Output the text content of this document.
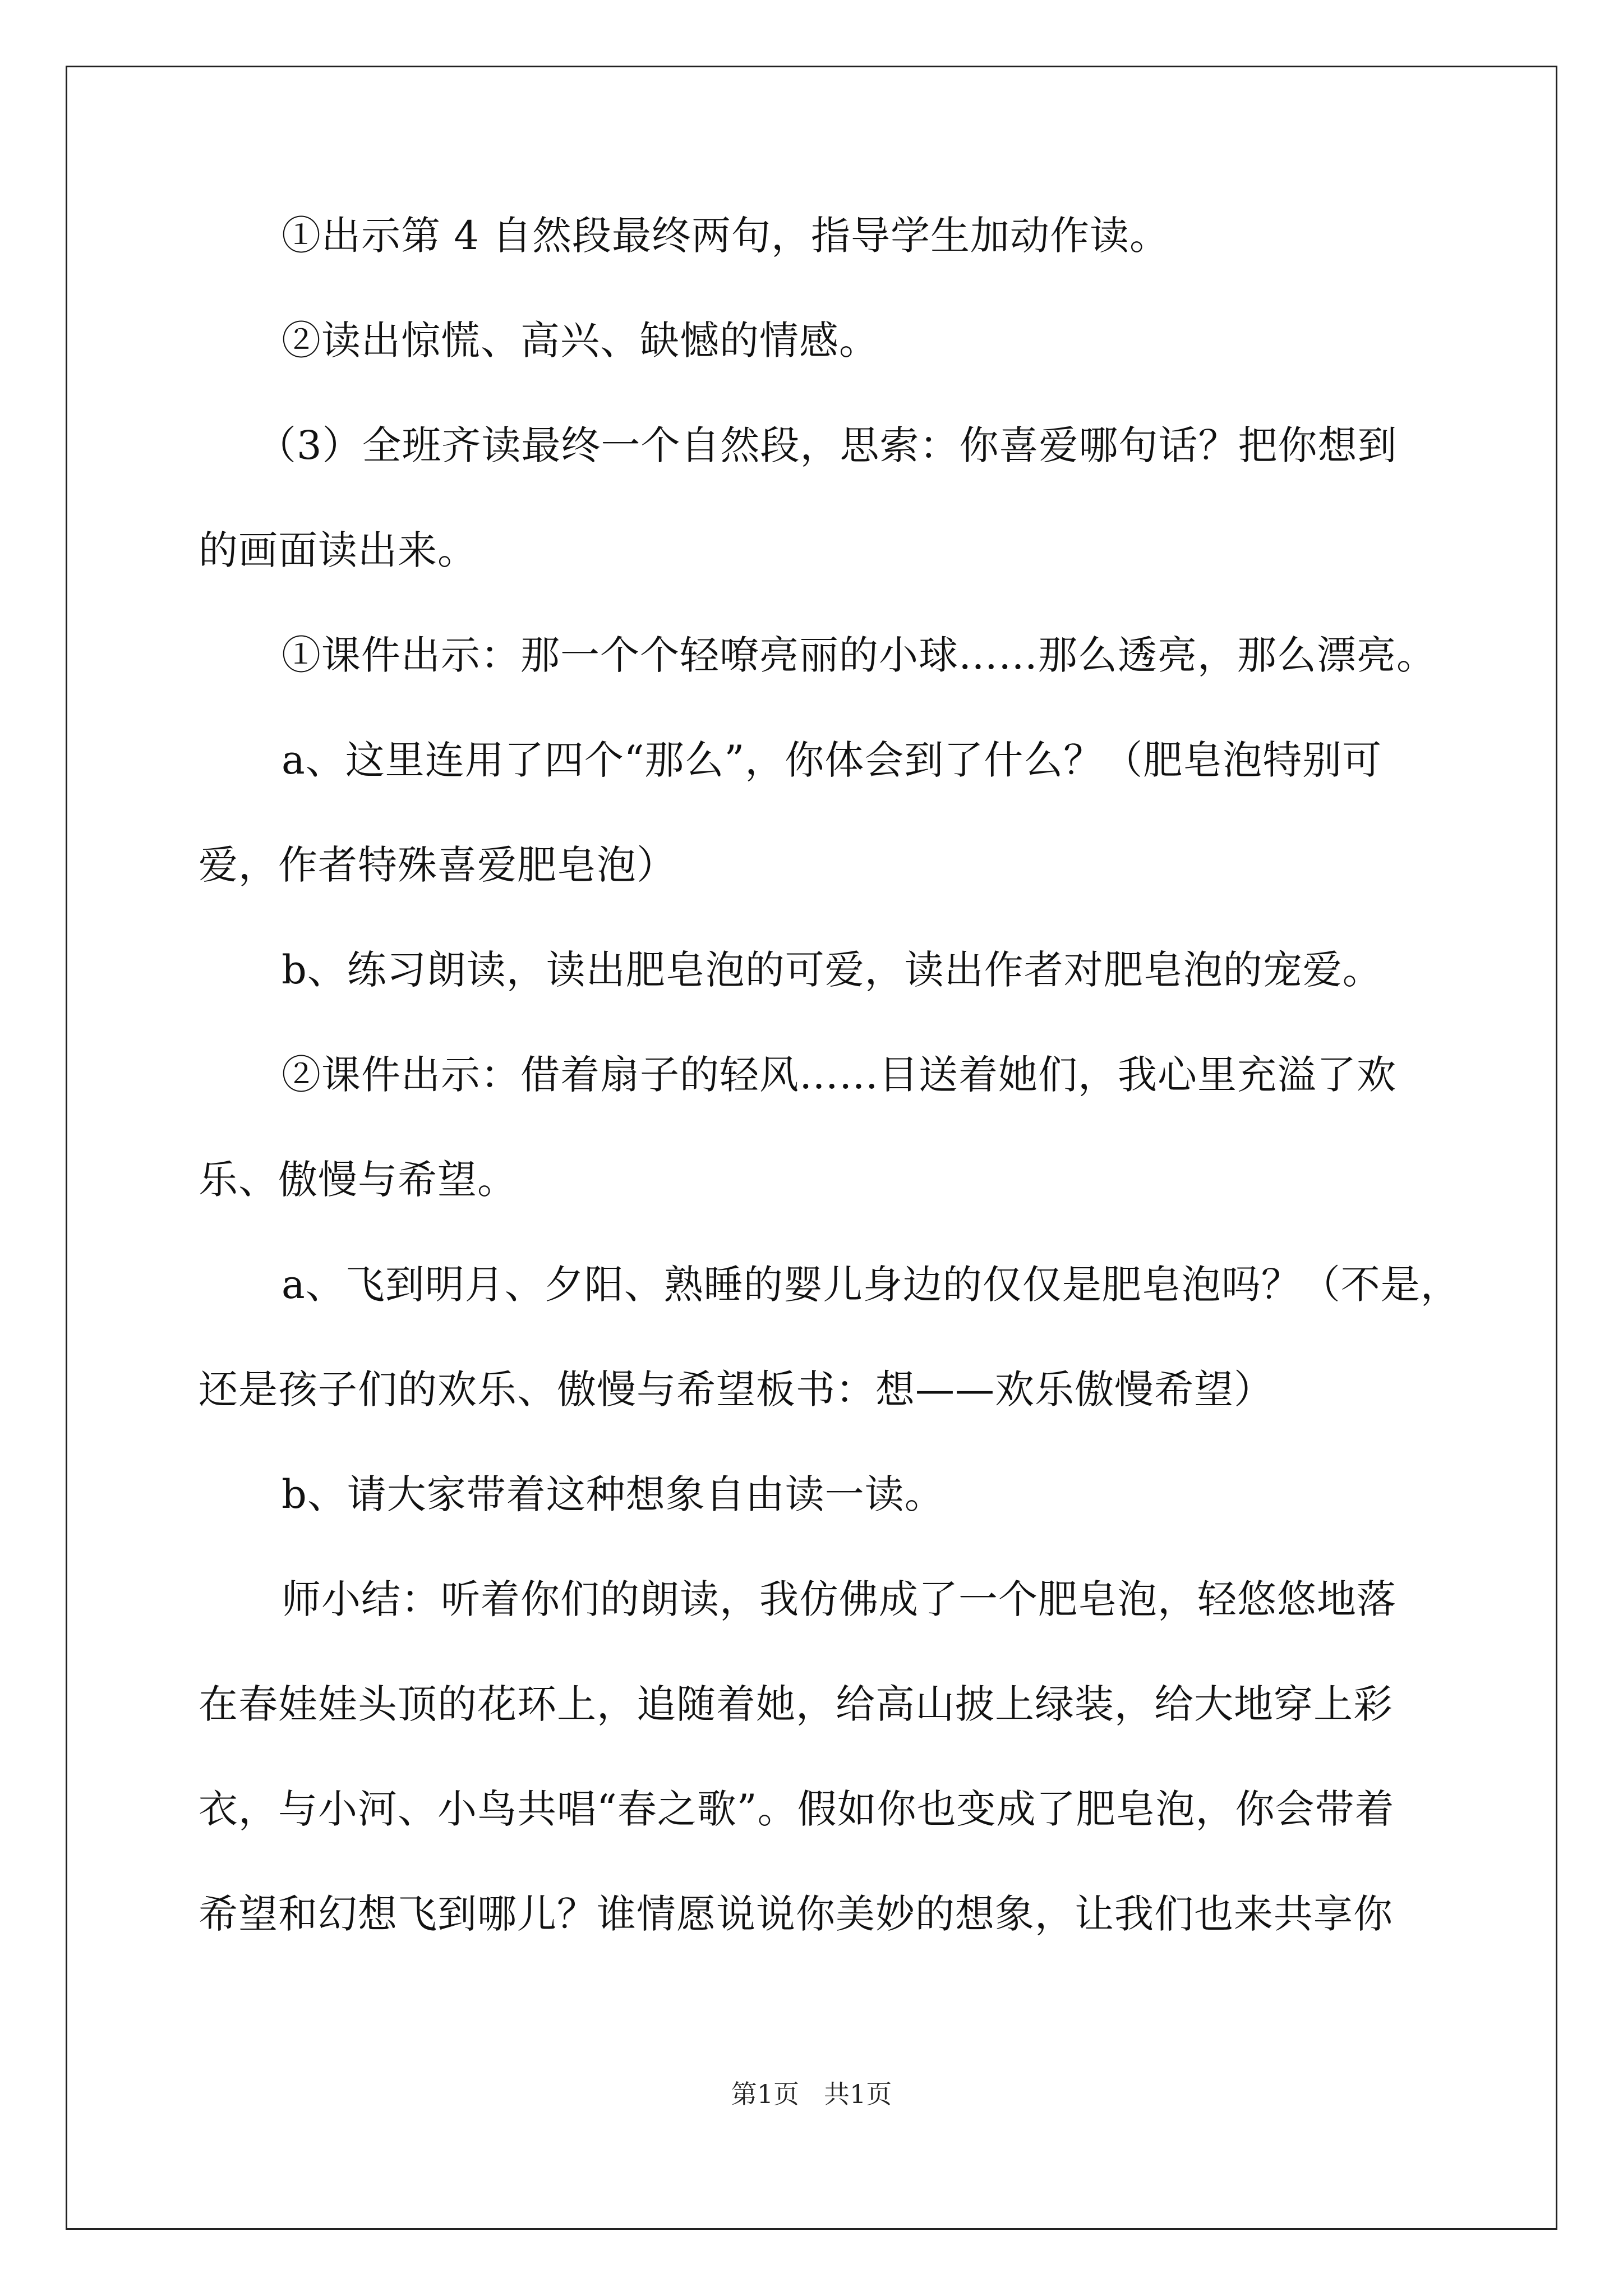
①出示第 4 自然段最终两句，指导学生加动作读。
②读出惊慌、高兴、缺憾的情感。
（3）全班齐读最终一个自然段，思索：你喜爱哪句话？把你想到
的画面读出来。
①课件出示：那一个个轻嘹亮丽的小球……那么透亮，那么漂亮。
a、这里连用了四个“那么”，你体会到了什么？（肥皂泡特别可
爱，作者特殊喜爱肥皂泡）
b、练习朗读，读出肥皂泡的可爱，读出作者对肥皂泡的宠爱。
②课件出示：借着扇子的轻风……目送着她们，我心里充溢了欢
乐、傲慢与希望。
a、飞到明月、夕阳、熟睡的婴儿身边的仅仅是肥皂泡吗？（不是，
还是孩子们的欢乐、傲慢与希望板书：想——欢乐傲慢希望）
b、请大家带着这种想象自由读一读。
师小结：听着你们的朗读，我仿佛成了一个肥皂泡，轻悠悠地落
在春娃娃头顶的花环上，追随着她，给高山披上绿装，给大地穿上彩
衣，与小河、小鸟共唱“春之歌”。假如你也变成了肥皂泡，你会带着
希望和幻想飞到哪儿？谁情愿说说你美妙的想象，让我们也来共享你
第1页 共1页
